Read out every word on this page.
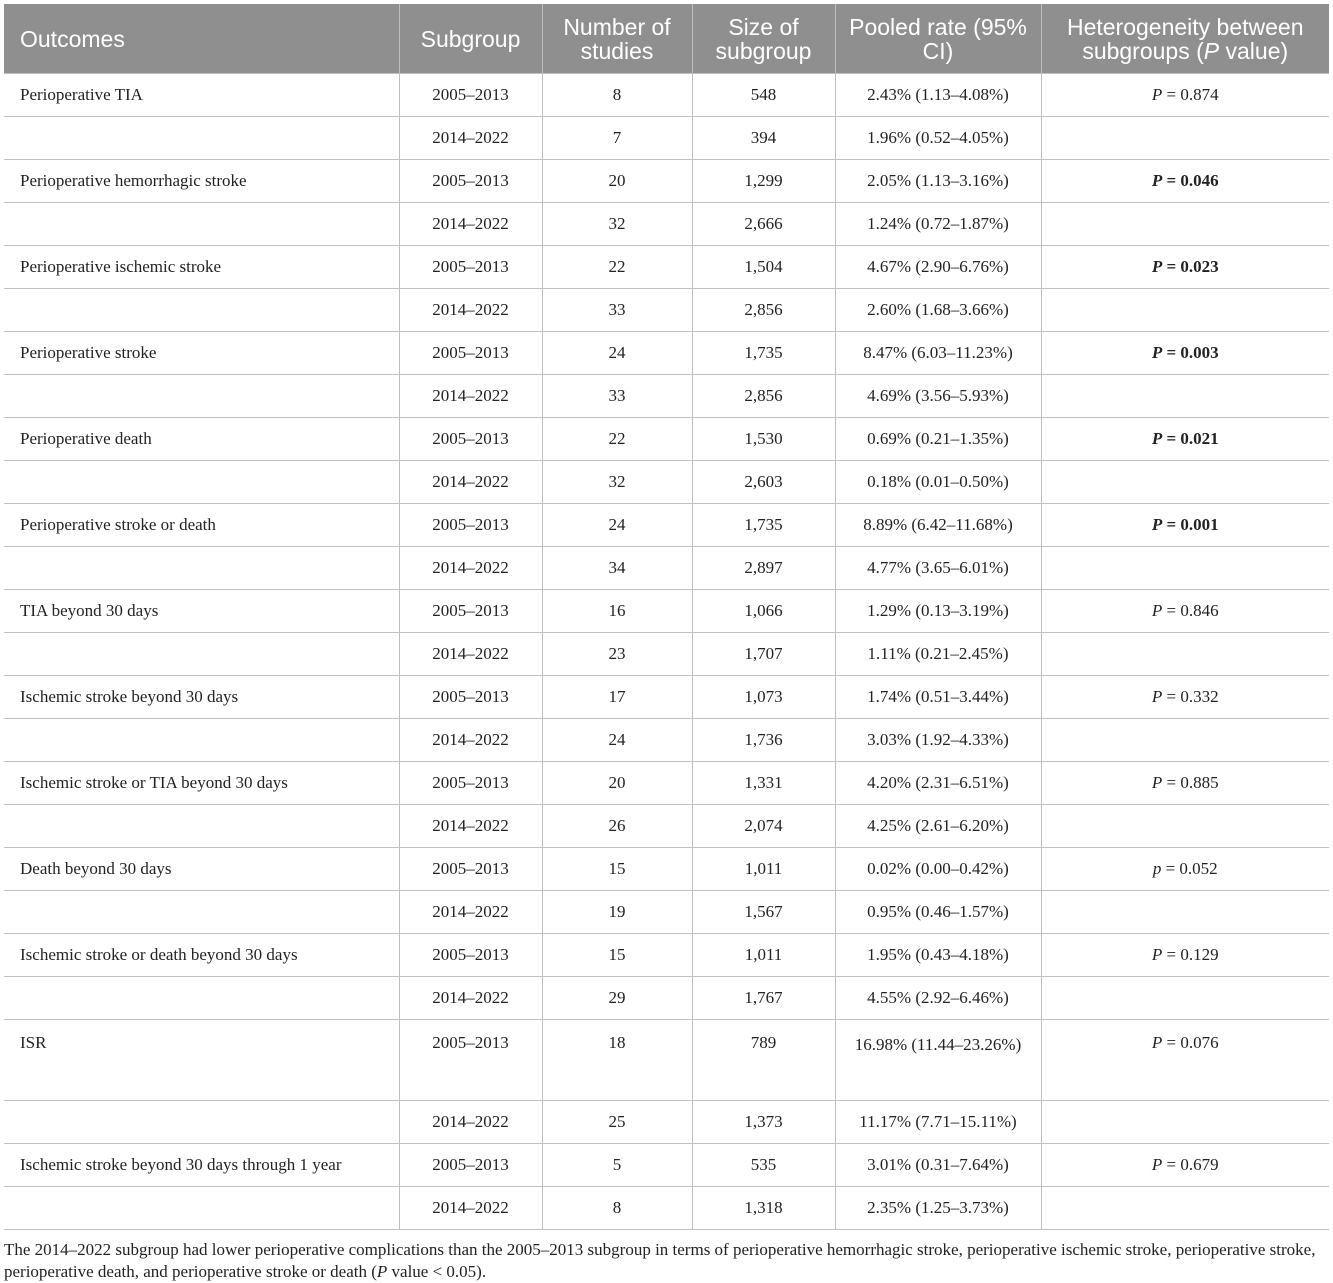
Outcomes	Subgroup	Number of studies	Size of subgroup	Pooled rate (95% CI)	Heterogeneity between subgroups (P value)
Perioperative TIA	2005–2013	8	548	2.43% (1.13–4.08%)	P = 0.874
	2014–2022	7	394	1.96% (0.52–4.05%)	
Perioperative hemorrhagic stroke	2005–2013	20	1,299	2.05% (1.13–3.16%)	P = 0.046
	2014–2022	32	2,666	1.24% (0.72–1.87%)	
Perioperative ischemic stroke	2005–2013	22	1,504	4.67% (2.90–6.76%)	P = 0.023
	2014–2022	33	2,856	2.60% (1.68–3.66%)	
Perioperative stroke	2005–2013	24	1,735	8.47% (6.03–11.23%)	P = 0.003
	2014–2022	33	2,856	4.69% (3.56–5.93%)	
Perioperative death	2005–2013	22	1,530	0.69% (0.21–1.35%)	P = 0.021
	2014–2022	32	2,603	0.18% (0.01–0.50%)	
Perioperative stroke or death	2005–2013	24	1,735	8.89% (6.42–11.68%)	P = 0.001
	2014–2022	34	2,897	4.77% (3.65–6.01%)	
TIA beyond 30 days	2005–2013	16	1,066	1.29% (0.13–3.19%)	P = 0.846
	2014–2022	23	1,707	1.11% (0.21–2.45%)	
Ischemic stroke beyond 30 days	2005–2013	17	1,073	1.74% (0.51–3.44%)	P = 0.332
	2014–2022	24	1,736	3.03% (1.92–4.33%)	
Ischemic stroke or TIA beyond 30 days	2005–2013	20	1,331	4.20% (2.31–6.51%)	P = 0.885
	2014–2022	26	2,074	4.25% (2.61–6.20%)	
Death beyond 30 days	2005–2013	15	1,011	0.02% (0.00–0.42%)	p = 0.052
	2014–2022	19	1,567	0.95% (0.46–1.57%)	
Ischemic stroke or death beyond 30 days	2005–2013	15	1,011	1.95% (0.43–4.18%)	P = 0.129
	2014–2022	29	1,767	4.55% (2.92–6.46%)	
ISR	2005–2013	18	789	16.98% (11.44–23.26%)	P = 0.076
	2014–2022	25	1,373	11.17% (7.71–15.11%)	
Ischemic stroke beyond 30 days through 1 year	2005–2013	5	535	3.01% (0.31–7.64%)	P = 0.679
	2014–2022	8	1,318	2.35% (1.25–3.73%)	
The 2014–2022 subgroup had lower perioperative complications than the 2005–2013 subgroup in terms of perioperative hemorrhagic stroke, perioperative ischemic stroke, perioperative stroke, perioperative death, and perioperative stroke or death (P value < 0.05).
